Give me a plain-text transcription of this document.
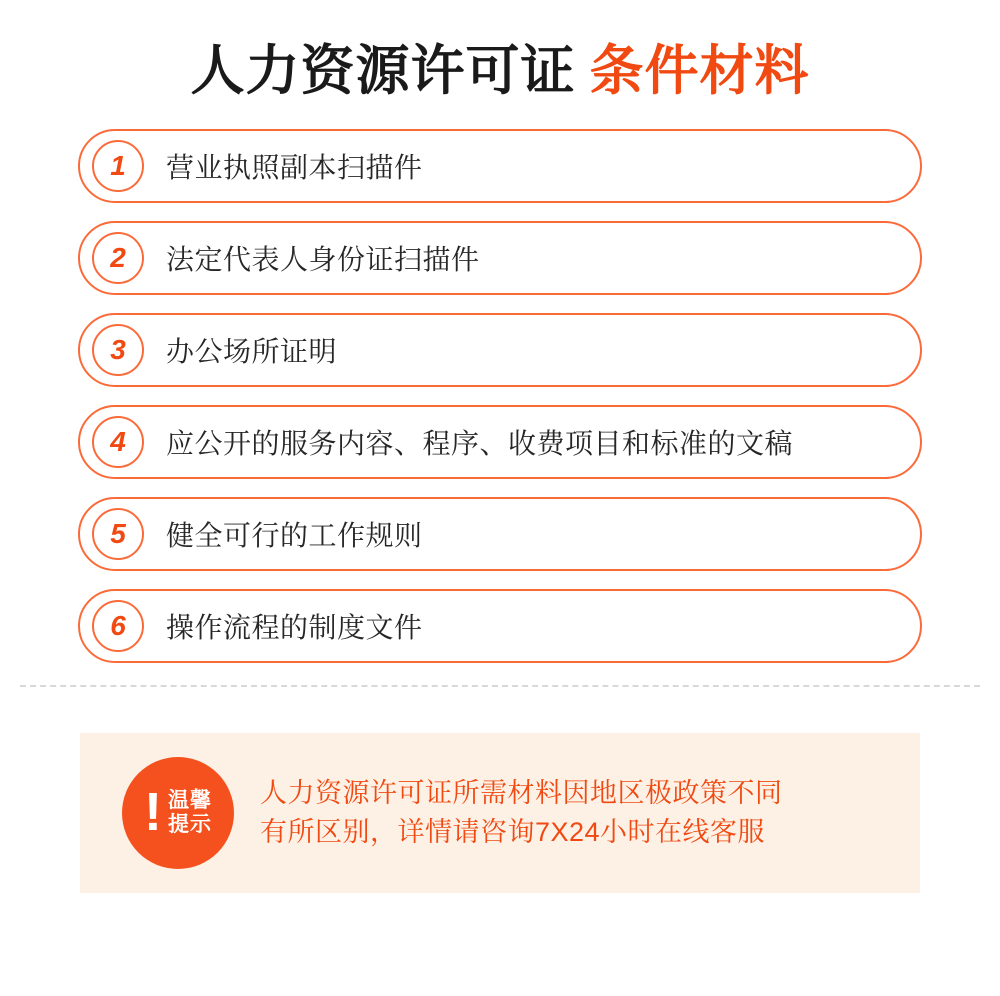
人力资源许可证 条件材料
1	营业执照副本扫描件
2	法定代表人身份证扫描件
3	办公场所证明
4	应公开的服务内容、程序、收费项目和标准的文稿
5	健全可行的工作规则
6	操作流程的制度文件
! 温馨
提示
人力资源许可证所需材料因地区极政策不同
有所区别，详情请咨询7X24小时在线客服
